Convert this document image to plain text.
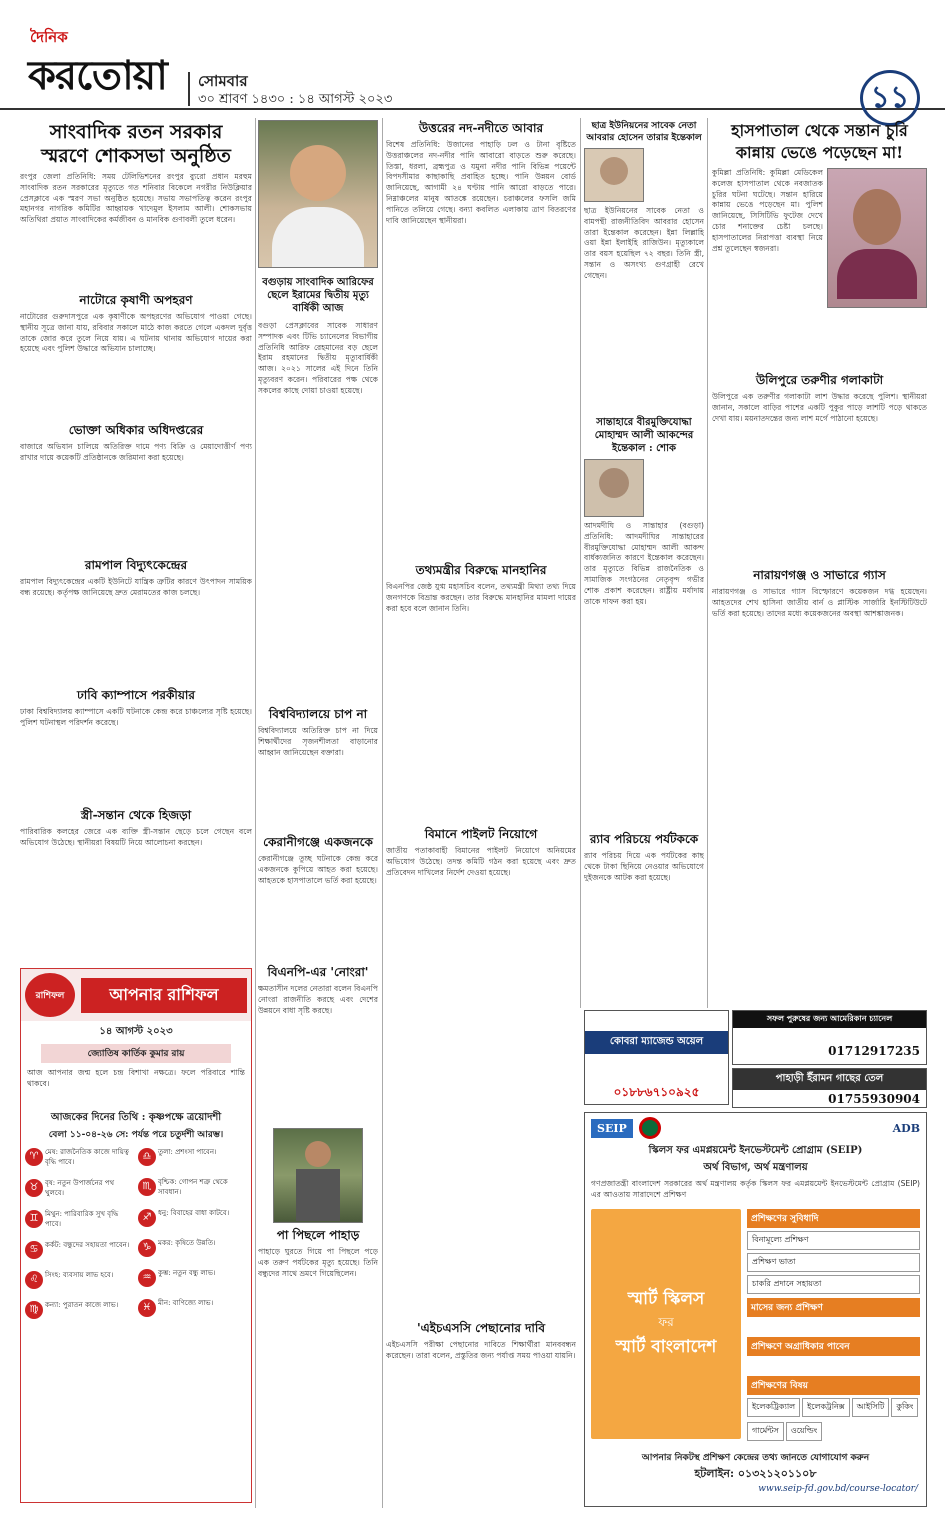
দৈনিক
করতোয়া সোমবার
৩০ শ্রাবণ ১৪৩০ : ১৪ আগস্ট ২০২৩	১১
সাংবাদিক রতন সরকার
স্মরণে শোকসভা অনুষ্ঠিত
রংপুর জেলা প্রতিনিধি: সময় টেলিভিশনের রংপুর ব্যুরো প্রধান মরহুম সাংবাদিক রতন সরকারের মৃত্যুতে গত শনিবার বিকেলে নগরীর নিউক্লিয়ার প্রেসক্লাবে এক স্মরণ সভা অনুষ্ঠিত হয়েছে। সভায় সভাপতিত্ব করেন রংপুর মহানগর নাগরিক কমিটির আহ্বায়ক খাদেমুল ইসলাম আলী। শোকসভায় অতিথিরা প্রয়াত সাংবাদিকের কর্মজীবন ও মানবিক গুণাবলী তুলে ধরেন।
নাটোরে কৃষাণী অপহরণ
নাটোরের গুরুদাসপুরে এক কৃষাণীকে অপহরণের অভিযোগ পাওয়া গেছে। স্থানীয় সূত্রে জানা যায়, রবিবার সকালে মাঠে কাজ করতে গেলে একদল দুর্বৃত্ত তাকে জোর করে তুলে নিয়ে যায়। এ ঘটনায় থানায় অভিযোগ দায়ের করা হয়েছে এবং পুলিশ উদ্ধারে অভিযান চালাচ্ছে।
ভোক্তা অধিকার অধিদপ্তরের
বাজারে অভিযান চালিয়ে অতিরিক্ত দামে পণ্য বিক্রি ও মেয়াদোত্তীর্ণ পণ্য রাখার দায়ে কয়েকটি প্রতিষ্ঠানকে জরিমানা করা হয়েছে।
রামপাল বিদ্যুৎকেন্দ্রের
রামপাল বিদ্যুৎকেন্দ্রের একটি ইউনিটে যান্ত্রিক ত্রুটির কারণে উৎপাদন সাময়িক বন্ধ রয়েছে। কর্তৃপক্ষ জানিয়েছে দ্রুত মেরামতের কাজ চলছে।
ঢাবি ক্যাম্পাসে পরকীয়ার
ঢাকা বিশ্ববিদ্যালয় ক্যাম্পাসে একটি ঘটনাকে কেন্দ্র করে চাঞ্চল্যের সৃষ্টি হয়েছে। পুলিশ ঘটনাস্থল পরিদর্শন করেছে।
স্ত্রী-সন্তান থেকে হিজড়া
পারিবারিক কলহের জেরে এক ব্যক্তি স্ত্রী-সন্তান ছেড়ে চলে গেছেন বলে অভিযোগ উঠেছে। স্থানীয়রা বিষয়টি নিয়ে আলোচনা করছেন।
রাশিফল	আপনার রাশিফল
১৪ আগস্ট ২০২৩
জ্যোতিষ কার্তিক কুমার রায়
আজ আপনার জন্ম হলে চন্দ্র বিশাখা নক্ষত্রে। ফলে পরিবারে শান্তি থাকবে।
আজকের দিনের তিথি : কৃষ্ণপক্ষে ত্রয়োদশী
বেলা ১১-০৪-২৬ সে: পর্যন্ত পরে চতুর্দশী আরম্ভ।
♈ মেষ: রাজনৈতিক কাজে দায়িত্ব বৃদ্ধি পাবে।
♉ বৃষ: নতুন উপার্জনের পথ খুলবে।
♊ মিথুন: পারিবারিক সুখ বৃদ্ধি পাবে।
♋ কর্কট: বন্ধুদের সহায়তা পাবেন।
♌ সিংহ: ব্যবসায় লাভ হবে।
♍ কন্যা: পুরাতন কাজে লাভ।
♎ তুলা: প্রশংসা পাবেন।
♏ বৃশ্চিক: গোপন শত্রু থেকে সাবধান।
♐ ধনু: বিবাহের বাধা কাটবে।
♑ মকর: কৃষিতে উন্নতি।
♒ কুম্ভ: নতুন বন্ধু লাভ।
♓ মীন: বাণিজ্যে লাভ।
বগুড়ায় সাংবাদিক আরিফের ছেলে ইরামের দ্বিতীয় মৃত্যু বার্ষিকী আজ
বগুড়া প্রেসক্লাবের সাবেক সাধারণ সম্পাদক এবং টিভি চ্যানেলের বিভাগীয় প্রতিনিধি আরিফ রেহমানের বড় ছেলে ইরাম রহমানের দ্বিতীয় মৃত্যুবার্ষিকী আজ। ২০২১ সালের এই দিনে তিনি মৃত্যুবরণ করেন। পরিবারের পক্ষ থেকে সকলের কাছে দোয়া চাওয়া হয়েছে।
বিশ্ববিদ্যালয়ে চাপ না
বিশ্ববিদ্যালয়ে অতিরিক্ত চাপ না দিয়ে শিক্ষার্থীদের সৃজনশীলতা বাড়ানোর আহ্বান জানিয়েছেন বক্তারা।
কেরানীগঞ্জে একজনকে
কেরানীগঞ্জে তুচ্ছ ঘটনাকে কেন্দ্র করে একজনকে কুপিয়ে আহত করা হয়েছে। আহতকে হাসপাতালে ভর্তি করা হয়েছে।
বিএনপি-এর 'নোংরা'
ক্ষমতাসীন দলের নেতারা বলেন বিএনপি নোংরা রাজনীতি করছে এবং দেশের উন্নয়নে বাধা সৃষ্টি করছে।
পা পিছলে পাহাড়
পাহাড়ে ঘুরতে গিয়ে পা পিছলে পড়ে এক তরুণ পর্যটকের মৃত্যু হয়েছে। তিনি বন্ধুদের সাথে ভ্রমণে গিয়েছিলেন।
উত্তরের নদ-নদীতে আবার
বিশেষ প্রতিনিধি: উজানের পাহাড়ি ঢল ও টানা বৃষ্টিতে উত্তরাঞ্চলের নদ-নদীর পানি আবারো বাড়তে শুরু করেছে। তিস্তা, ধরলা, ব্রহ্মপুত্র ও যমুনা নদীর পানি বিভিন্ন পয়েন্টে বিপদসীমার কাছাকাছি প্রবাহিত হচ্ছে। পানি উন্নয়ন বোর্ড জানিয়েছে, আগামী ২৪ ঘণ্টায় পানি আরো বাড়তে পারে। নিম্নাঞ্চলের মানুষ আতঙ্কে রয়েছেন। চরাঞ্চলের ফসলি জমি পানিতে তলিয়ে গেছে। বন্যা কবলিত এলাকায় ত্রাণ বিতরণের দাবি জানিয়েছেন স্থানীয়রা।
তথ্যমন্ত্রীর বিরুদ্ধে মানহানির
বিএনপির জেষ্ঠ যুগ্ম মহাসচিব বলেন, তথ্যমন্ত্রী মিথ্যা তথ্য দিয়ে জনগণকে বিভ্রান্ত করছেন। তার বিরুদ্ধে মানহানির মামলা দায়ের করা হবে বলে জানান তিনি।
বিমানে পাইলট নিয়োগে
জাতীয় পতাকাবাহী বিমানের পাইলট নিয়োগে অনিয়মের অভিযোগ উঠেছে। তদন্ত কমিটি গঠন করা হয়েছে এবং দ্রুত প্রতিবেদন দাখিলের নির্দেশ দেওয়া হয়েছে।
'এইচএসসি পেছানোর দাবি
এইচএসসি পরীক্ষা পেছানোর দাবিতে শিক্ষার্থীরা মানববন্ধন করেছেন। তারা বলেন, প্রস্তুতির জন্য পর্যাপ্ত সময় পাওয়া যায়নি।
ছাত্র ইউনিয়নের সাবেক নেতা আবরার হোসেন তারার ইন্তেকাল
ছাত্র ইউনিয়নের সাবেক নেতা ও বামপন্থী রাজনীতিবিদ আবরার হোসেন তারা ইন্তেকাল করেছেন। ইন্না লিল্লাহি ওয়া ইন্না ইলাইহি রাজিউন। মৃত্যুকালে তার বয়স হয়েছিল ৭২ বছর। তিনি স্ত্রী, সন্তান ও অসংখ্য গুণগ্রাহী রেখে গেছেন।
সান্তাহারে বীরমুক্তিযোদ্ধা মোহাম্মদ আলী আকন্দের ইন্তেকাল : শোক
আদমদীঘি ও সান্তাহার (বগুড়া) প্রতিনিধি: আদমদীঘির সান্তাহারের বীরমুক্তিযোদ্ধা মোহাম্মদ আলী আকন্দ বার্ধক্যজনিত কারণে ইন্তেকাল করেছেন। তার মৃত্যুতে বিভিন্ন রাজনৈতিক ও সামাজিক সংগঠনের নেতৃবৃন্দ গভীর শোক প্রকাশ করেছেন। রাষ্ট্রীয় মর্যাদায় তাকে দাফন করা হয়।
র‍্যাব পরিচয়ে পর্যটককে
র‍্যাব পরিচয় দিয়ে এক পর্যটকের কাছ থেকে টাকা ছিনিয়ে নেওয়ার অভিযোগে দুইজনকে আটক করা হয়েছে।
হাসপাতাল থেকে সন্তান চুরি
কান্নায় ভেঙে পড়েছেন মা!
কুমিল্লা প্রতিনিধি: কুমিল্লা মেডিকেল কলেজ হাসপাতাল থেকে নবজাতক চুরির ঘটনা ঘটেছে। সন্তান হারিয়ে কান্নায় ভেঙে পড়েছেন মা। পুলিশ জানিয়েছে, সিসিটিভি ফুটেজ দেখে চোর শনাক্তের চেষ্টা চলছে। হাসপাতালের নিরাপত্তা ব্যবস্থা নিয়ে প্রশ্ন তুলেছেন স্বজনরা।
উলিপুরে তরুণীর গলাকাটা
উলিপুরে এক তরুণীর গলাকাটা লাশ উদ্ধার করেছে পুলিশ। স্থানীয়রা জানান, সকালে বাড়ির পাশের একটি পুকুর পাড়ে লাশটি পড়ে থাকতে দেখা যায়। ময়নাতদন্তের জন্য লাশ মর্গে পাঠানো হয়েছে।
নারায়ণগঞ্জ ও সাভারে গ্যাস
নারায়ণগঞ্জ ও সাভারে গ্যাস বিস্ফোরণে কয়েকজন দগ্ধ হয়েছেন। আহতদের শেখ হাসিনা জাতীয় বার্ন ও প্লাস্টিক সার্জারি ইনস্টিটিউটে ভর্তি করা হয়েছে। তাদের মধ্যে কয়েকজনের অবস্থা আশঙ্কাজনক।
কোবরা ম্যাজেন্ড অয়েল
০১৮৮৬৭১০৯২৫
সফল পুরুষের জন্য আমেরিকান চ্যানেল
01712917235
পাহাড়ী ইঁরামন গাছের তেল
01755930904
SEIP	ADB
স্কিলস ফর এমপ্লয়মেন্ট ইনভেস্টমেন্ট প্রোগ্রাম (SEIP)
অর্থ বিভাগ, অর্থ মন্ত্রণালয়
গণপ্রজাতন্ত্রী বাংলাদেশ সরকারের অর্থ মন্ত্রণালয় কর্তৃক স্কিলস ফর এমপ্লয়মেন্ট ইনভেস্টমেন্ট প্রোগ্রাম (SEIP) এর আওতায় সারাদেশে প্রশিক্ষণ
স্মার্ট স্কিলস
ফর
স্মার্ট বাংলাদেশ
প্রশিক্ষণের সুবিধাদি
বিনামূল্যে প্রশিক্ষণ
প্রশিক্ষণ ভাতা
চাকরি প্রদানে সহায়তা
মাসের জন্য প্রশিক্ষণ
প্রশিক্ষণে অগ্রাধিকার পাবেন
প্রশিক্ষণের বিষয়
ইলেকট্রিক্যাল	ইলেকট্রনিক্স	আইসিটি	কুকিং
গার্মেন্টস	ওয়েল্ডিং
আপনার নিকটস্থ প্রশিক্ষণ কেন্দ্রের তথ্য জানতে যোগাযোগ করুন
হটলাইন: ০১৩২১২০১১০৮
www.seip-fd.gov.bd/course-locator/
